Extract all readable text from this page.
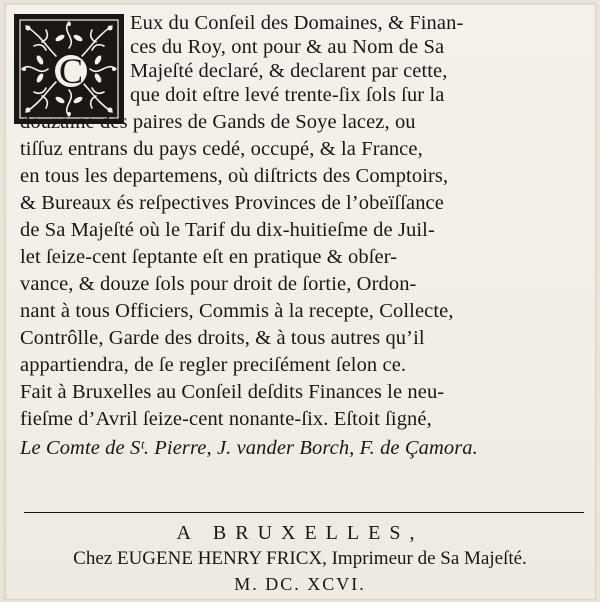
C
Eux du Conſeil des Domaines, & Finan-
ces du Roy, ont pour & au Nom de Sa
Majeſté declaré, & declarent par cette,
que doit eſtre levé trente-ſix ſols ſur la
douzaine des paires de Gands de Soye lacez, ou
tiſſuz entrans du pays cedé, occupé, & la France,
en tous les departemens, où diſtricts des Comptoirs,
& Bureaux és reſpectives Provinces de l’obeïſſance
de Sa Majeſté où le Tarif du dix-huitieſme de Juil-
let ſeize-cent ſeptante eſt en pratique & obſer-
vance, & douze ſols pour droit de ſortie, Ordon-
nant à tous Officiers, Commis à la recepte, Collecte,
Contrôlle, Garde des droits, & à tous autres qu’il
appartiendra, de ſe regler preciſément ſelon ce.
Fait à Bruxelles au Conſeil deſdits Finances le neu-
fieſme d’Avril ſeize-cent nonante-ſix. Eſtoit ſigné,
Le Comte de Sᵗ. Pierre, J. vander Borch, F. de Çamora.
A BRUXELLES,
Chez EUGENE HENRY FRICX, Imprimeur de Sa Majeſté.
M. DC. XCVI.
